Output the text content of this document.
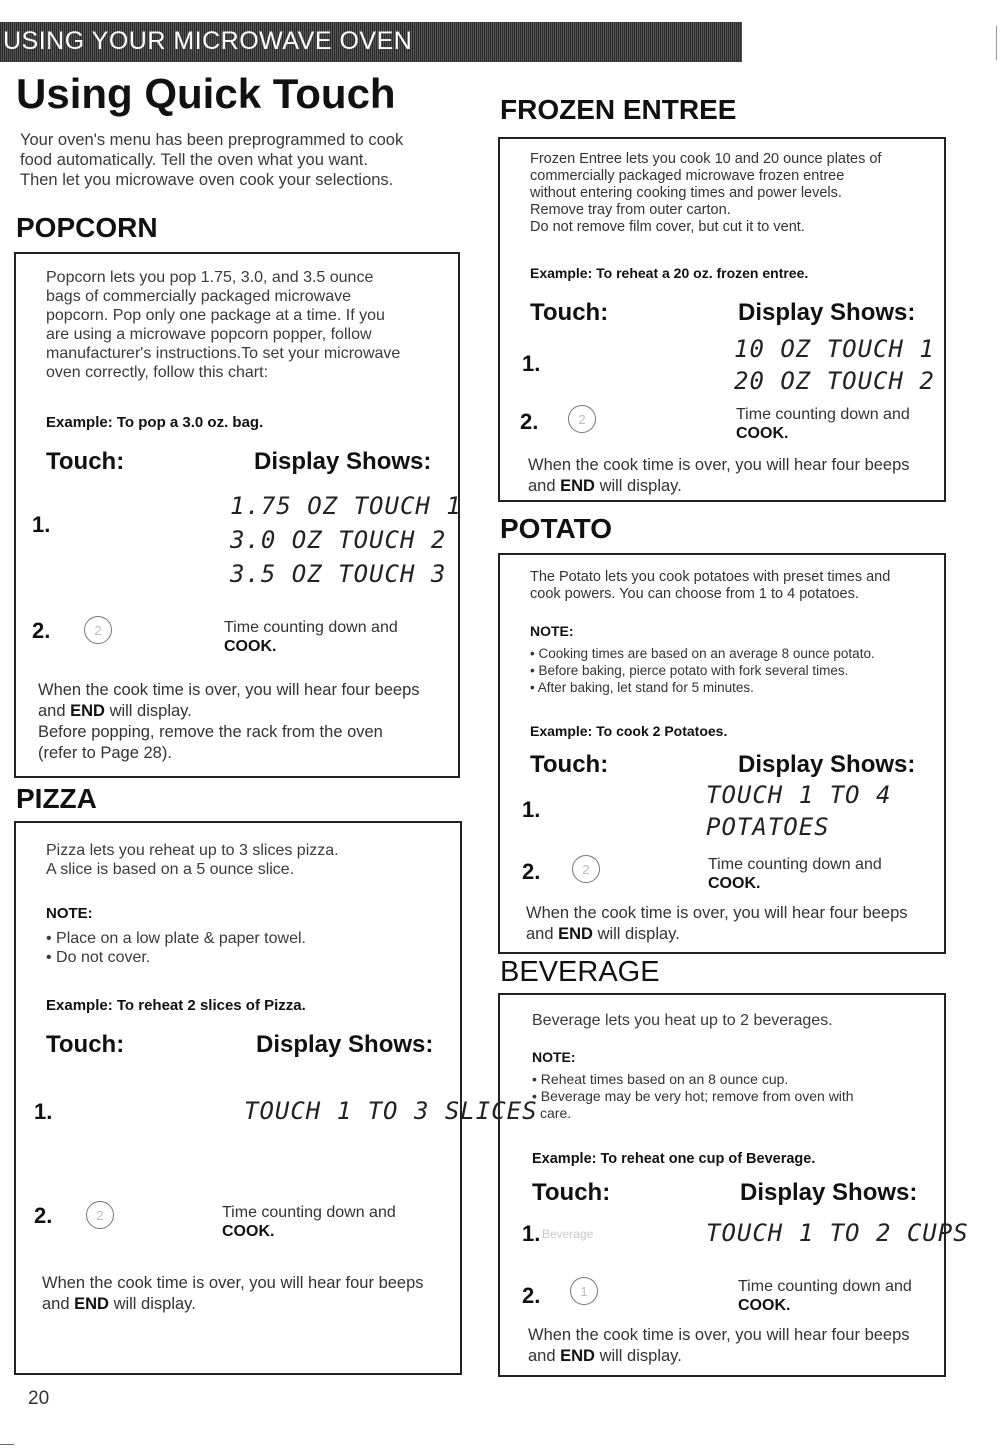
USING YOUR MICROWAVE OVEN
Using Quick Touch
Your oven's menu has been preprogrammed to cook
food automatically. Tell the oven what you want.
Then let you microwave oven cook your selections.
POPCORN
Popcorn lets you pop 1.75, 3.0, and 3.5 ounce
bags of commercially packaged microwave
popcorn. Pop only one package at a time. If you
are using a microwave popcorn popper, follow
manufacturer's instructions.To set your microwave
oven correctly, follow this chart:
Example: To pop a 3.0 oz. bag.
Touch:	Display Shows:
1.
1.75 OZ TOUCH 1
3.0 OZ TOUCH 2
3.5 OZ TOUCH 3
2.	2	Time counting down and
COOK.
When the cook time is over, you will hear four beeps
and END will display.
Before popping, remove the rack from the oven
(refer to Page 28).
PIZZA
Pizza lets you reheat up to 3 slices pizza.
A slice is based on a 5 ounce slice.
NOTE:
• Place on a low plate & paper towel.
• Do not cover.
Example: To reheat 2 slices of Pizza.
Touch:	Display Shows:
1.	TOUCH 1 TO 3 SLICES
2.	2	Time counting down and
COOK.
When the cook time is over, you will hear four beeps
and END will display.
20
FROZEN ENTREE
Frozen Entree lets you cook 10 and 20 ounce plates of
commercially packaged microwave frozen entree
without entering cooking times and power levels.
Remove tray from outer carton.
Do not remove film cover, but cut it to vent.
Example: To reheat a 20 oz. frozen entree.
Touch:	Display Shows:
1.
10 OZ TOUCH 1
20 OZ TOUCH 2
2.	2	Time counting down and
COOK.
When the cook time is over, you will hear four beeps
and END will display.
POTATO
The Potato lets you cook potatoes with preset times and
cook powers. You can choose from 1 to 4 potatoes.
NOTE:
• Cooking times are based on an average 8 ounce potato.
• Before baking, pierce potato with fork several times.
• After baking, let stand for 5 minutes.
Example: To cook 2 Potatoes.
Touch:	Display Shows:
1.
TOUCH 1 TO 4
POTATOES
2.	2	Time counting down and
COOK.
When the cook time is over, you will hear four beeps
and END will display.
BEVERAGE
Beverage lets you heat up to 2 beverages.
NOTE:
• Reheat times based on an 8 ounce cup.
• Beverage may be very hot; remove from oven with
care.
Example: To reheat one cup of Beverage.
Touch:	Display Shows:
1. Beverage	TOUCH 1 TO 2 CUPS
2.	1	Time counting down and
COOK.
When the cook time is over, you will hear four beeps
and END will display.
